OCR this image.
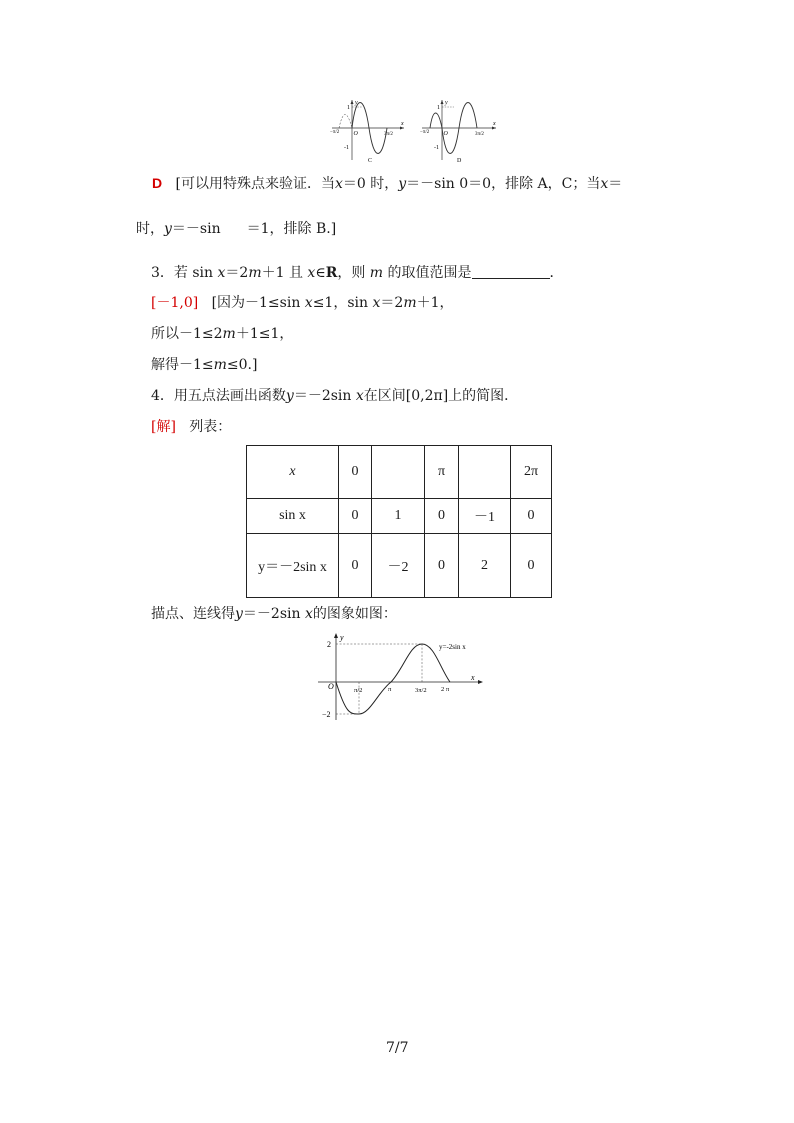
y
x
1
-1
O
−π/2	3π/2
C
y
x
1
-1
O
−π/2	3π/2
D
D [可以用特殊点来验证．当x＝0 时，y＝－sin 0＝0，排除 A，C；当x＝
时，y＝－sin ＝1，排除 B.]
3．若 sin x＝2m＋1 且 x∈R，则 m 的取值范围是	．
[－1,0] [因为－1≤sin x≤1，sin x＝2m＋1，
所以－1≤2m＋1≤1，
解得－1≤m≤0.]
4．用五点法画出函数y＝－2sin x在区间[0,2π]上的简图．
[解] 列表：
x	0		π		2π
sin x	0	1	0	－1	0
y＝－2sin x	0	－2	0	2	0
描点、连线得y＝－2sin x的图象如图：
y
x
2
−2
O	π/2	π	3π/2 2 π
y=-2sin x
7/7
